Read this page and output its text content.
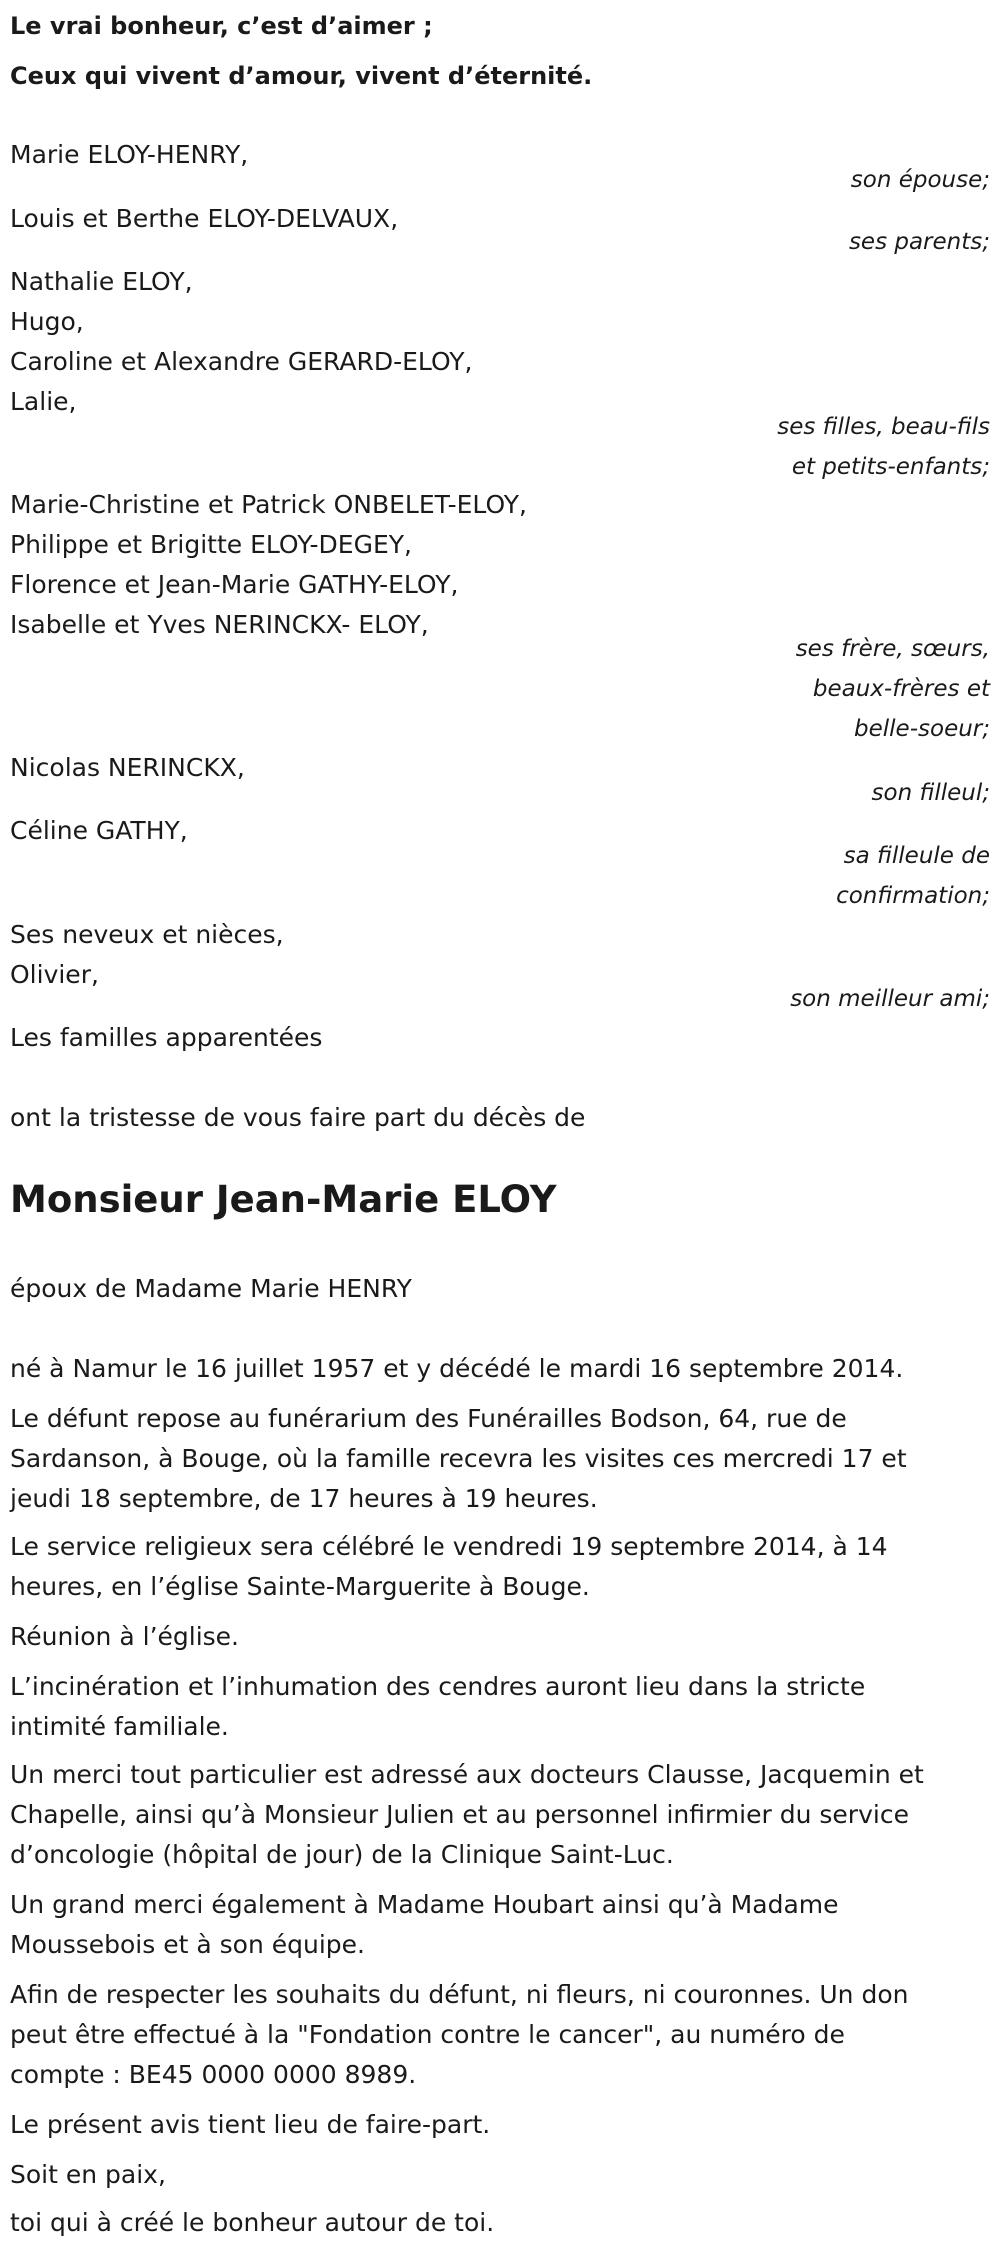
Le vrai bonheur, c’est d’aimer ;

Ceux qui vivent d’amour, vivent d’éternité.

Marie ELOY-HENRY,

son épouse;

Louis et Berthe ELOY-DELVAUX,

ses parents;

Nathalie ELOY,

Hugo,

Caroline et Alexandre GERARD-ELOY,

Lalie,

ses filles, beau-fils

et petits-enfants;

Marie-Christine et Patrick ONBELET-ELOY,

Philippe et Brigitte ELOY-DEGEY,

Florence et Jean-Marie GATHY-ELOY,

Isabelle et Yves NERINCKX- ELOY,

ses frère, sœurs,

beaux-frères et

belle-soeur;

Nicolas NERINCKX,

son filleul;

Céline GATHY,

sa filleule de

confirmation;

Ses neveux et nièces,

Olivier,

son meilleur ami;

Les familles apparentées

ont la tristesse de vous faire part du décès de

Monsieur Jean-Marie ELOY

époux de Madame Marie HENRY

né à Namur le 16 juillet 1957 et y décédé le mardi 16 septembre 2014.

Le défunt repose au funérarium des Funérailles Bodson, 64, rue de

Sardanson, à Bouge, où la famille recevra les visites ces mercredi 17 et

jeudi 18 septembre, de 17 heures à 19 heures.

Le service religieux sera célébré le vendredi 19 septembre 2014, à 14

heures, en l’église Sainte-Marguerite à Bouge.

Réunion à l’église.

L’incinération et l’inhumation des cendres auront lieu dans la stricte

intimité familiale.

Un merci tout particulier est adressé aux docteurs Clausse, Jacquemin et

Chapelle, ainsi qu’à Monsieur Julien et au personnel infirmier du service

d’oncologie (hôpital de jour) de la Clinique Saint-Luc.

Un grand merci également à Madame Houbart ainsi qu’à Madame

Moussebois et à son équipe.

Afin de respecter les souhaits du défunt, ni fleurs, ni couronnes. Un don

peut être effectué à la "Fondation contre le cancer", au numéro de

compte : BE45 0000 0000 8989.

Le présent avis tient lieu de faire-part.

Soit en paix,

toi qui à créé le bonheur autour de toi.
